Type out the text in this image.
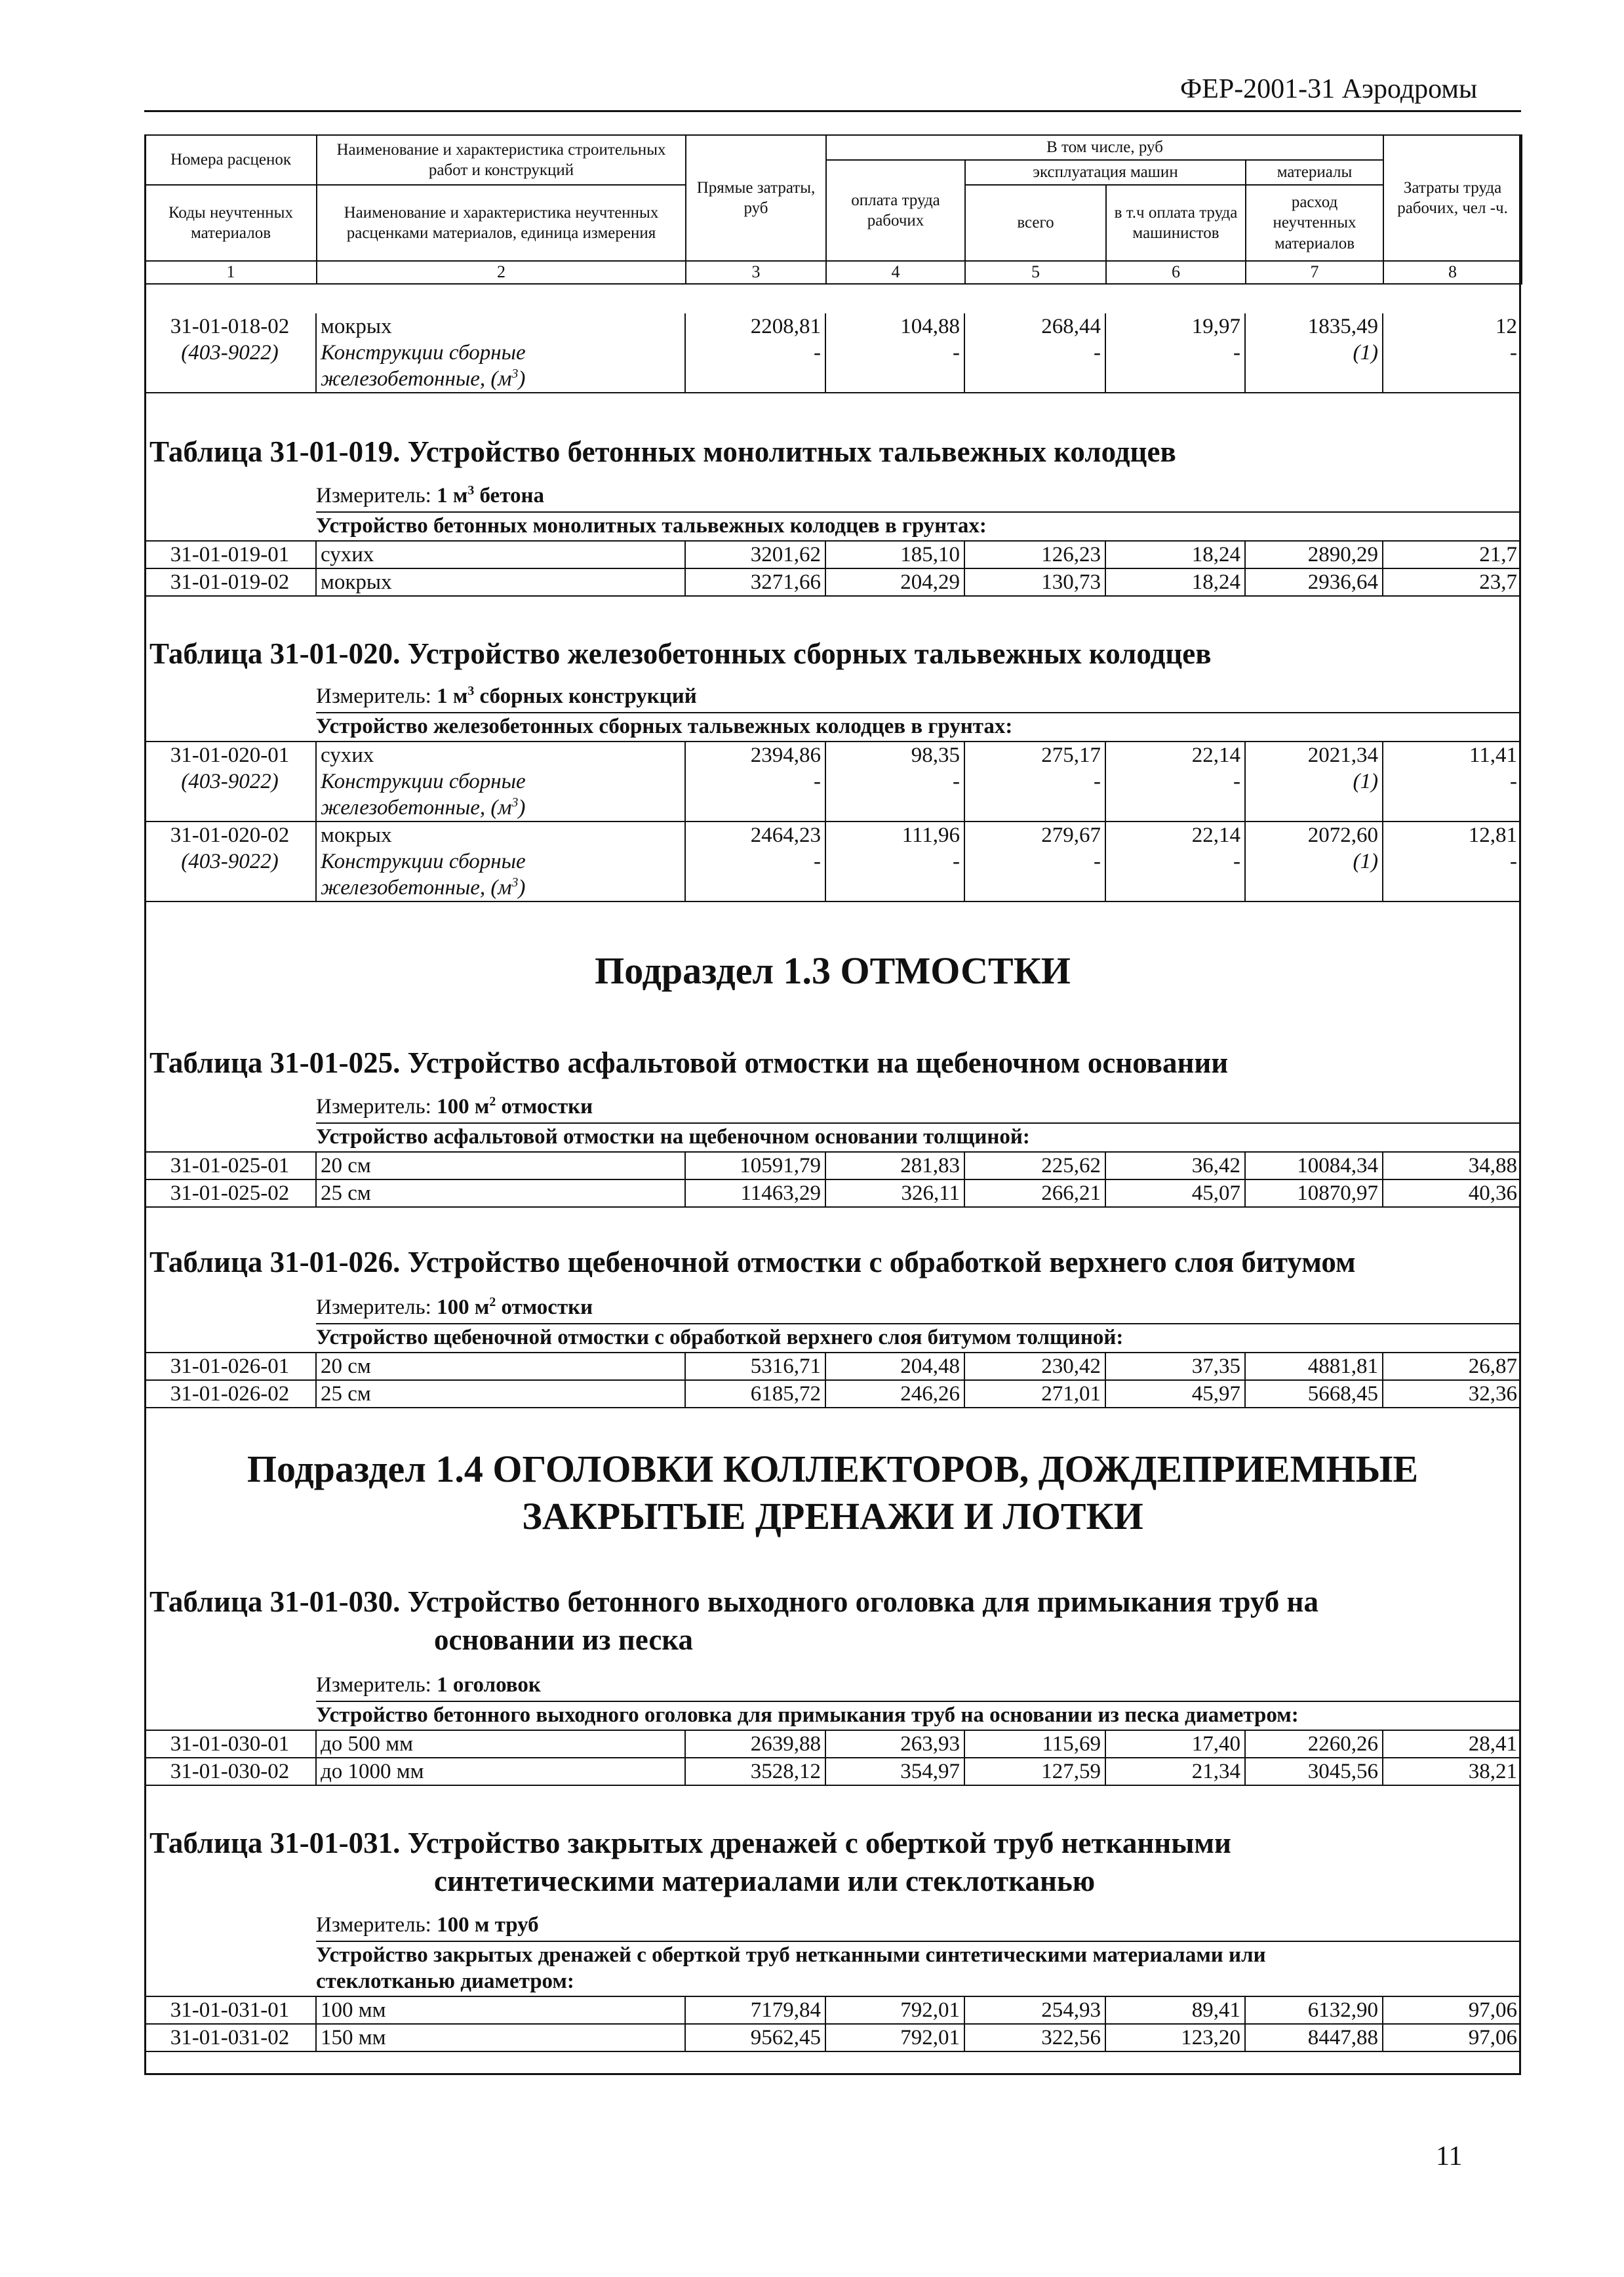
ФЕР-2001-31 Аэродромы
Номера расценок	Наименование и характеристика строительных работ и конструкций	Прямые затраты, руб	В том числе, руб				Затраты труда рабочих, чел -ч.
			оплата труда рабочих	эксплуатация машин		материалы	
Коды неучтенных материалов	Наименование и характеристика неучтенных расценками материалов, единица измерения			всего	в т.ч оплата труда машинистов	расход неучтенных материалов	

1	2	3	4	5	6	7	8
31-01-018-02	мокрых	2208,81	104,88	268,44	19,97	1835,49	12
(403-9022)	Конструкции сборные	-	-	-	-	(1)	-
	железобетонные, $(м^3)$						
Таблица 31-01-019. Устройство бетонных монолитных тальвежных колодцев
Измеритель: 1 $м^3$ бетона
Устройство бетонных монолитных тальвежных колодцев в грунтах:
31-01-019-01	сухих	3201,62	185,10	126,23	18,24	2890,29	21,7
31-01-019-02	мокрых	3271,66	204,29	130,73	18,24	2936,64	23,7
Таблица 31-01-020. Устройство железобетонных сборных тальвежных колодцев
Измеритель: 1 $м^3$ сборных конструкций
Устройство железобетонных сборных тальвежных колодцев в грунтах:
31-01-020-01	сухих	2394,86	98,35	275,17	22,14	2021,34	11,41
(403-9022)	Конструкции сборные	-	-	-	-	(1)	-
	железобетонные, $(м^3)$						
31-01-020-02	мокрых	2464,23	111,96	279,67	22,14	2072,60	12,81
(403-9022)	Конструкции сборные	-	-	-	-	(1)	-
	железобетонные, $(м^3)$						
Подраздел 1.3 ОТМОСТКИ
Таблица 31-01-025. Устройство асфальтовой отмостки на щебеночном основании
Измеритель: 100 $м^2$ отмостки
Устройство асфальтовой отмостки на щебеночном основании толщиной:
31-01-025-01	20 см	10591,79	281,83	225,62	36,42	10084,34	34,88
31-01-025-02	25 см	11463,29	326,11	266,21	45,07	10870,97	40,36
Таблица 31-01-026. Устройство щебеночной отмостки с обработкой верхнего слоя битумом
Измеритель: 100 $м^2$ отмостки
Устройство щебеночной отмостки с обработкой верхнего слоя битумом толщиной:
31-01-026-01	20 см	5316,71	204,48	230,42	37,35	4881,81	26,87
31-01-026-02	25 см	6185,72	246,26	271,01	45,97	5668,45	32,36
Подраздел 1.4 ОГОЛОВКИ КОЛЛЕКТОРОВ, ДОЖДЕПРИЕМНЫЕ
ЗАКРЫТЫЕ ДРЕНАЖИ И ЛОТКИ
Таблица 31-01-030. Устройство бетонного выходного оголовка для примыкания труб на
основании из песка
Измеритель: 1 оголовок
Устройство бетонного выходного оголовка для примыкания труб на основании из песка диаметром:
31-01-030-01	до 500 мм	2639,88	263,93	115,69	17,40	2260,26	28,41
31-01-030-02	до 1000 мм	3528,12	354,97	127,59	21,34	3045,56	38,21
Таблица 31-01-031. Устройство закрытых дренажей с оберткой труб нетканными
синтетическими материалами или стеклотканью
Измеритель: 100 м труб
Устройство закрытых дренажей с оберткой труб нетканными синтетическими материалами или
стеклотканью диаметром:
31-01-031-01	100 мм	7179,84	792,01	254,93	89,41	6132,90	97,06
31-01-031-02	150 мм	9562,45	792,01	322,56	123,20	8447,88	97,06
11
